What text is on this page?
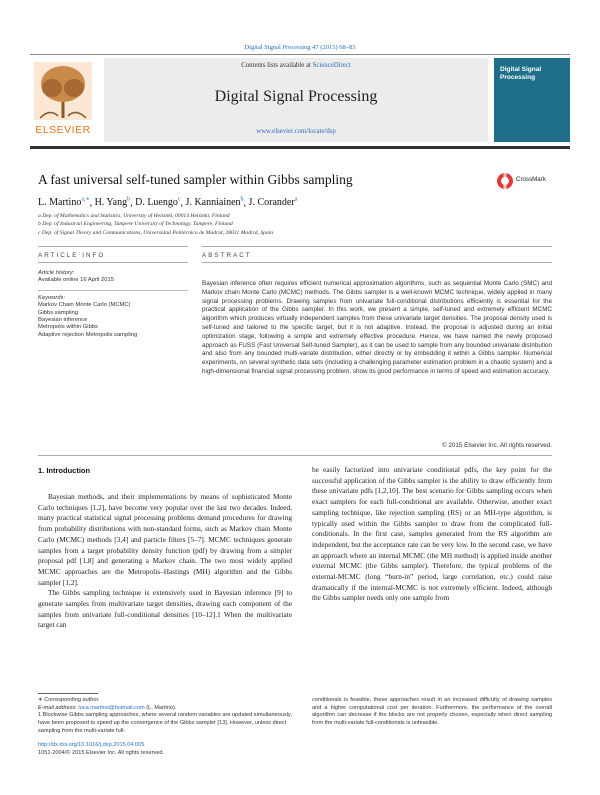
Digital Signal Processing 47 (2015) 68–83
ELSEVIER
Contents lists available at ScienceDirect
Digital Signal Processing
www.elsevier.com/locate/dsp
Digital Signal Processing
A fast universal self-tuned sampler within Gibbs sampling	CrossMark
L. Martino$^{a,∗}$, H. Yang$^b$, D. Luengo$^c$, J. Kanniainen$^b$, J. Corander$^a$
a Dep. of Mathematics and Statistics, University of Helsinki, 00014 Helsinki, Finland
b Dep. of Industrial Engineering, Tampere University of Technology, Tampere, Finland
c Dep. of Signal Theory and Communications, Universidad Politécnica de Madrid, 28031 Madrid, Spain
ARTICLE INFO	ABSTRACT
Article history:
Available online 16 April 2015
Keywords:
Markov Chain Monte Carlo (MCMC)
Gibbs sampling
Bayesian inference
Metropolis within Gibbs
Adaptive rejection Metropolis sampling
Bayesian inference often requires efficient numerical approximation algorithms, such as sequential Monte Carlo (SMC) and Markov chain Monte Carlo (MCMC) methods. The Gibbs sampler is a well-known MCMC technique, widely applied in many signal processing problems. Drawing samples from univariate full-conditional distributions efficiently is essential for the practical application of the Gibbs sampler. In this work, we present a simple, self-tuned and extremely efficient MCMC algorithm which produces virtually independent samples from these univariate target densities. The proposal density used is self-tuned and tailored to the specific target, but it is not adaptive. Instead, the proposal is adjusted during an initial optimization stage, following a simple and extremely effective procedure. Hence, we have named the newly proposed approach as FUSS (Fast Universal Self-tuned Sampler), as it can be used to sample from any bounded univariate distribution and also from any bounded multi-variate distribution, either directly or by embedding it within a Gibbs sampler. Numerical experiments, on several synthetic data sets (including a challenging parameter estimation problem in a chaotic system) and a high-dimensional financial signal processing problem, show its good performance in terms of speed and estimation accuracy.
© 2015 Elsevier Inc. All rights reserved.
1. Introduction

Bayesian methods, and their implementations by means of sophisticated Monte Carlo techniques [1,2], have become very popular over the last two decades. Indeed, many practical statistical signal processing problems demand procedures for drawing from probability distributions with non-standard forms, such as Markov chain Monte Carlo (MCMC) methods [3,4] and particle filters [5–7]. MCMC techniques generate samples from a target probability density function (pdf) by drawing from a simpler proposal pdf [1,8] and generating a Markov chain. The two most widely applied MCMC approaches are the Metropolis–Hastings (MH) algorithm and the Gibbs sampler [1,2].

The Gibbs sampling technique is extensively used in Bayesian inference [9] to generate samples from multivariate target densities, drawing each component of the samples from univariate full-conditional densities [10–12].1 When the multivariate target can

be easily factorized into univariate conditional pdfs, the key point for the successful application of the Gibbs sampler is the ability to draw efficiently from these univariate pdfs [1,2,10]. The best scenario for Gibbs sampling occurs when exact samplers for each full-conditional are available. Otherwise, another exact sampling technique, like rejection sampling (RS) or an MH-type algorithm, is typically used within the Gibbs sampler to draw from the complicated full-conditionals. In the first case, samples generated from the RS algorithm are independent, but the acceptance rate can be very low. In the second case, we have an approach where an internal MCMC (the MH method) is applied inside another external MCMC (the Gibbs sampler). Therefore, the typical problems of the external-MCMC (long “burn-in” period, large correlation, etc.) could raise dramatically if the internal-MCMC is not extremely efficient. Indeed, although the Gibbs sampler needs only one sample from

∗ Corresponding author.
E-mail address: luca.martino@hotmail.com (L. Martino).
1 Blockwise Gibbs sampling approaches, where several random variables are updated simultaneously, have been proposed to speed up the convergence of the Gibbs sampler [13]. However, unless direct sampling from the multi-variate full-
conditionals is feasible, these approaches result in an increased difficulty of drawing samples and a higher computational cost per iteration. Furthermore, the performance of the overall algorithm can decrease if the blocks are not properly chosen, especially when direct sampling from the multi-variate full-conditionals is unfeasible.
http://dx.doi.org/10.1016/j.dsp.2015.04.005
1051-2004/© 2015 Elsevier Inc. All rights reserved.
